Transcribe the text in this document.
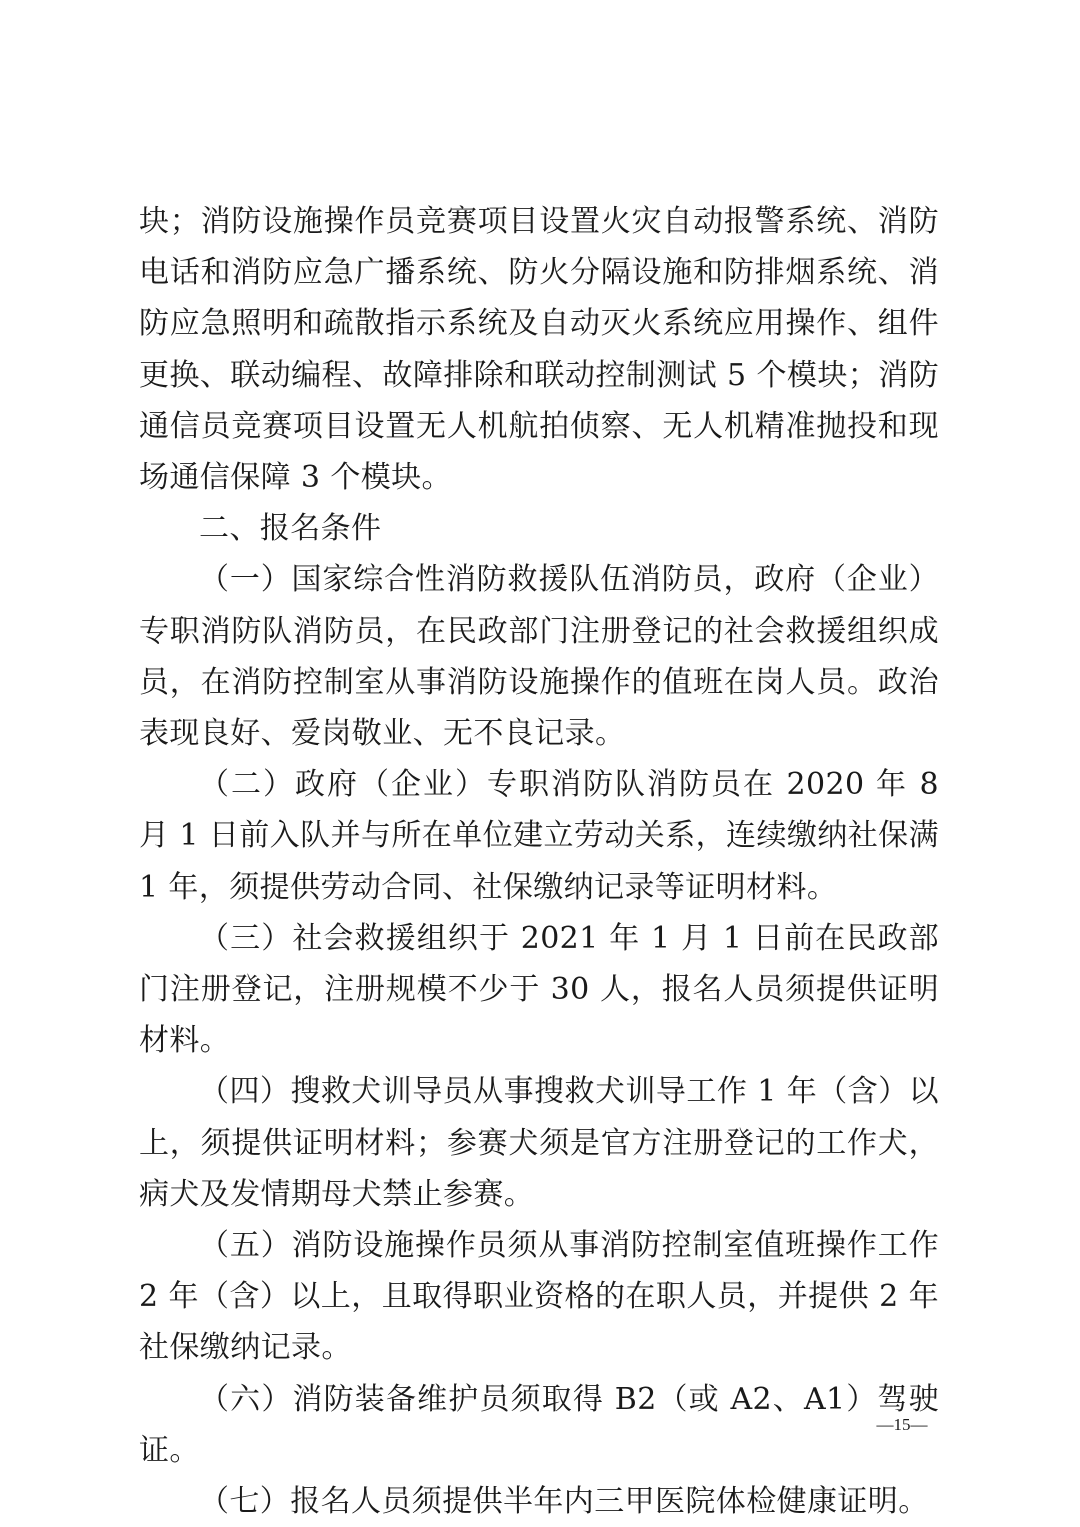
块；消防设施操作员竞赛项目设置火灾自动报警系统、消防电话和消防应急广播系统、防火分隔设施和防排烟系统、消防应急照明和疏散指示系统及自动灭火系统应用操作、组件更换、联动编程、故障排除和联动控制测试 5 个模块；消防通信员竞赛项目设置无人机航拍侦察、无人机精准抛投和现场通信保障 3 个模块。

二、报名条件

（一）国家综合性消防救援队伍消防员，政府（企业）专职消防队消防员，在民政部门注册登记的社会救援组织成员，在消防控制室从事消防设施操作的值班在岗人员。政治表现良好、爱岗敬业、无不良记录。

（二）政府（企业）专职消防队消防员在 2020 年 8 月 1 日前入队并与所在单位建立劳动关系，连续缴纳社保满 1 年，须提供劳动合同、社保缴纳记录等证明材料。

（三）社会救援组织于 2021 年 1 月 1 日前在民政部门注册登记，注册规模不少于 30 人，报名人员须提供证明材料。

（四）搜救犬训导员从事搜救犬训导工作 1 年（含）以上，须提供证明材料；参赛犬须是官方注册登记的工作犬，病犬及发情期母犬禁止参赛。

（五）消防设施操作员须从事消防控制室值班操作工作 2 年（含）以上，且取得职业资格的在职人员，并提供 2 年社保缴纳记录。

（六）消防装备维护员须取得 B2（或 A2、A1）驾驶证。

（七）报名人员须提供半年内三甲医院体检健康证明。

—15—
